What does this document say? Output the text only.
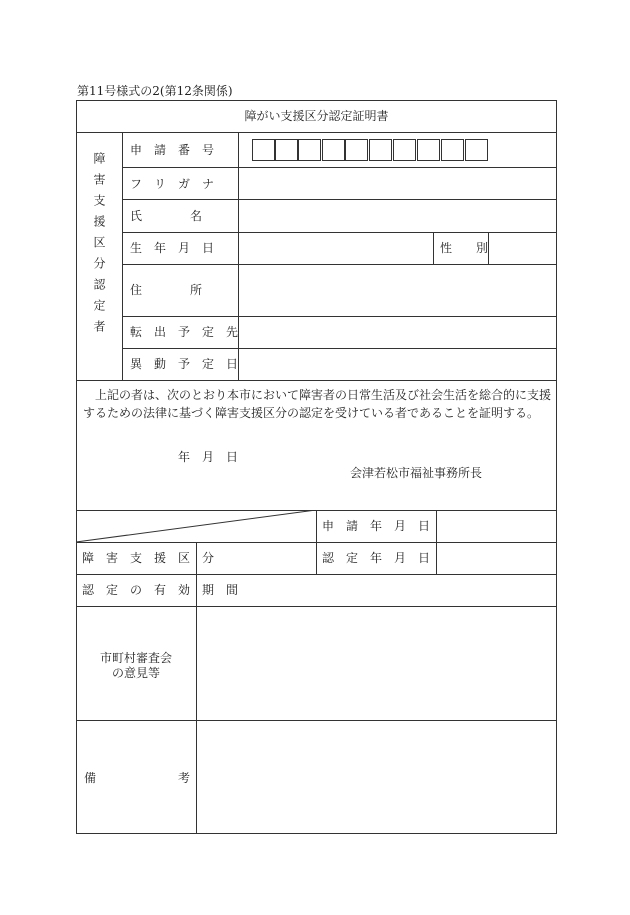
第11号様式の2(第12条関係)
障がい支援区分認定証明書
障害支援区分認定者
申　請　番　号
フ　リ　ガ　ナ
氏　　　　名
生　年　月　日
住　　　　所
転　出　予　定　先
異　動　予　定　日
性　　別
上記の者は、次のとおり本市において障害者の日常生活及び社会生活を総合的に支援するための法律に基づく障害支援区分の認定を受けている者であることを証明する。
年　月　日
会津若松市福祉事務所長
申　請　年　月　日
障　害　支　援　区　分	認　定　年　月　日
認　定　の　有　効　期　間
市町村審査会
の意見等
備	考
